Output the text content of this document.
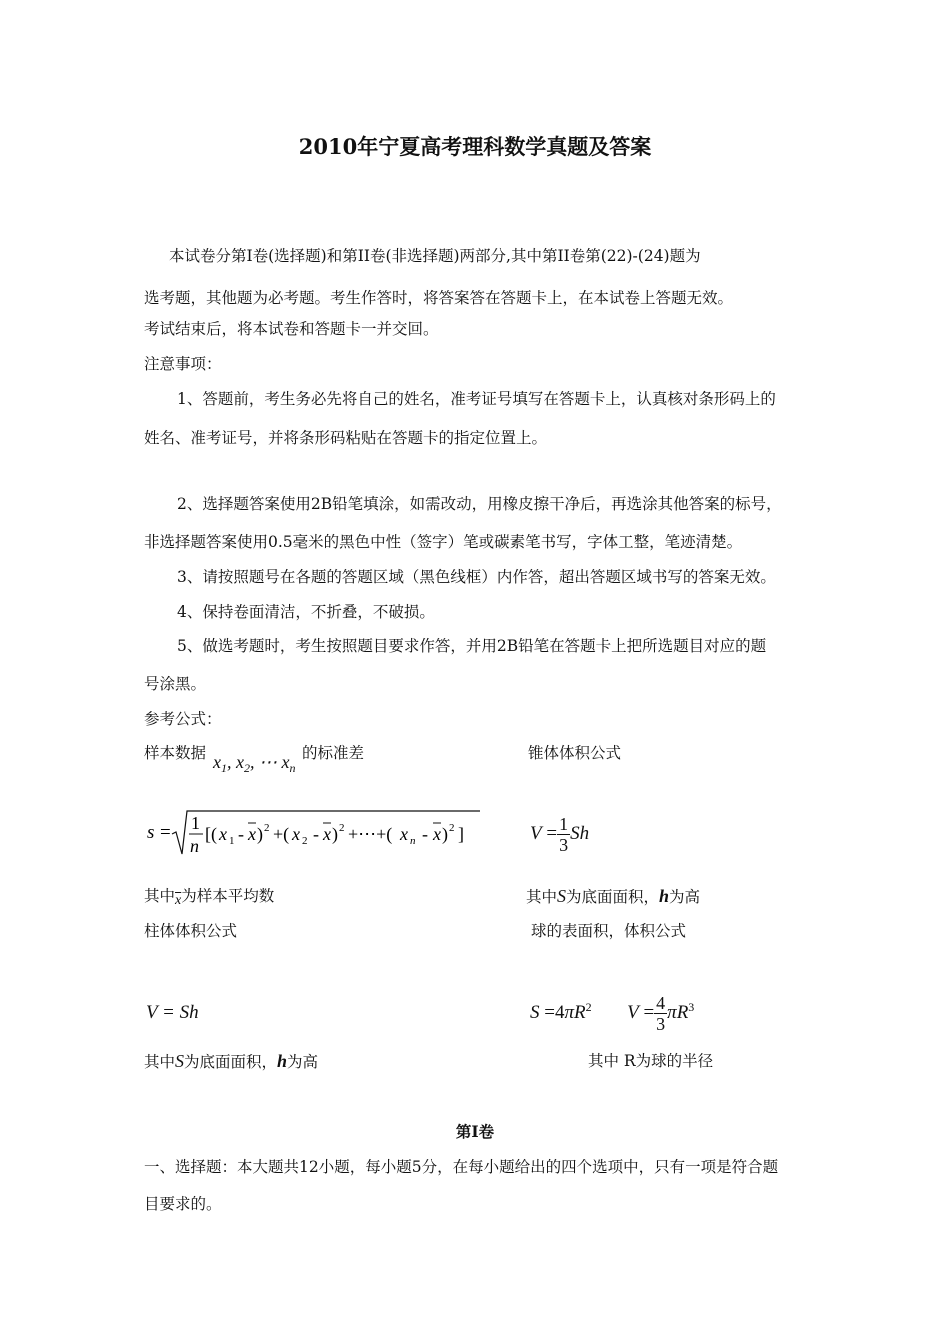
2010年宁夏高考理科数学真题及答案
本试卷分第Ⅰ卷(选择题)和第II卷(非选择题)两部分,其中第II卷第(22)-(24)题为
选考题，其他题为必考题。考生作答时，将答案答在答题卡上，在本试卷上答题无效。
考试结束后，将本试卷和答题卡一并交回。
注意事项：
1、答题前，考生务必先将自己的姓名，准考证号填写在答题卡上，认真核对条形码上的
姓名、准考证号，并将条形码粘贴在答题卡的指定位置上。
2、选择题答案使用2B铅笔填涂，如需改动，用橡皮擦干净后，再选涂其他答案的标号，
非选择题答案使用0.5毫米的黑色中性（签字）笔或碳素笔书写，字体工整，笔迹清楚。
3、请按照题号在各题的答题区域（黑色线框）内作答，超出答题区域书写的答案无效。
4、保持卷面清洁，不折叠，不破损。
5、做选考题时，考生按照题目要求作答，并用2B铅笔在答题卡上把所选题目对应的题
号涂黑。
参考公式：
样本数据 $x_1$, $x_2$, ⋯ $x_n$
的标准差	锥体体积公式
s = 1
n
[( x 1 - x ) 2 +( x 2 - x ) 2 +⋯+( x n - x ) 2 ]	$V = \frac{1}{3}$ Sh
其中$\overline{x}$为样本平均数	其中S为底面面积，h为高
柱体体积公式	球的表面积，体积公式
V = Sh	$S =4\pi R^2$ $V = \frac{4}{3} \pi R^3$
其中S为底面面积，h为高	其中 R为球的半径
第Ⅰ卷
一、选择题：本大题共12小题，每小题5分，在每小题给出的四个选项中，只有一项是符合题
目要求的。
